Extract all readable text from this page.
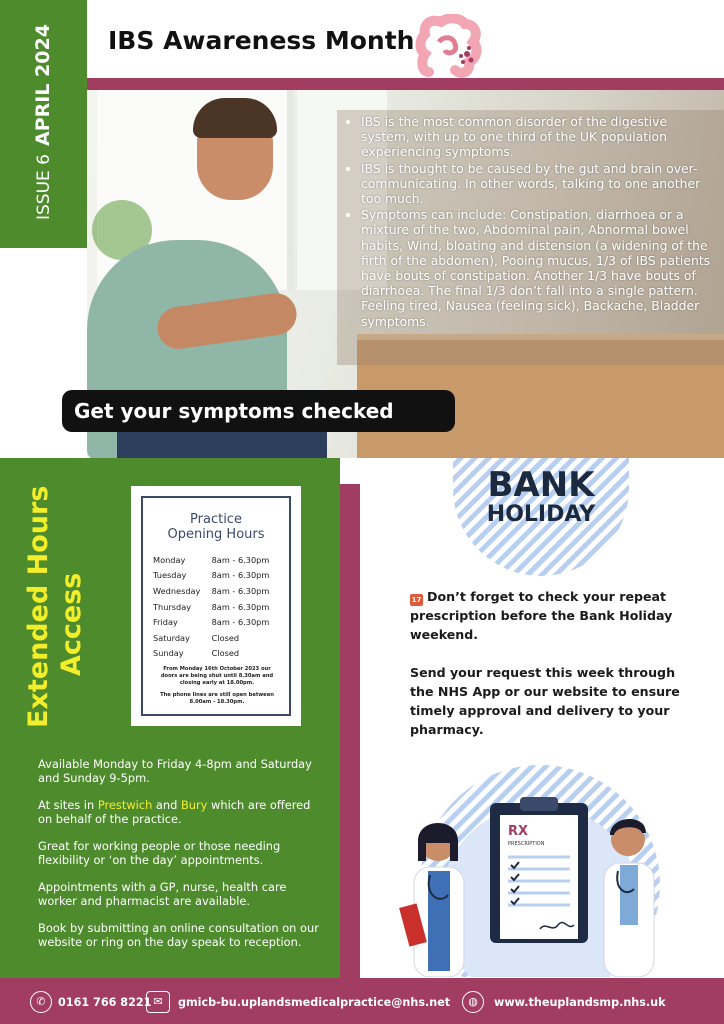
ISSUE 6APRIL 2024 IBS Awareness Month
• IBS is the most common disorder of the digestive system, with up to one third of the UK population experiencing symptoms.
• IBS is thought to be caused by the gut and brain over-communicating. In other words, talking to one another too much.
• Symptoms can include: Constipation, diarrhoea or a mixture of the two, Abdominal pain, Abnormal bowel habits, Wind, bloating and distension (a widening of the firth of the abdomen), Pooing mucus, 1/3 of IBS patients have bouts of constipation. Another 1/3 have bouts of diarrhoea. The final 1/3 don’t fall into a single pattern. Feeling tired, Nausea (feeling sick), Backache, Bladder symptoms.
Get your symptoms checked
Extended Hours Access
Practice
Opening Hours
Monday	8am - 6.30pm
Tuesday	8am - 6.30pm
Wednesday	8am - 6.30pm
Thursday	8am - 6.30pm
Friday	8am - 6.30pm
Saturday	Closed
Sunday	Closed
From Monday 16th October 2023 our doors are being shut until 8.30am and closing early at 18.00pm.
The phone lines are still open between 8.00am - 18.30pm.

Available Monday to Friday 4-8pm and Saturday and Sunday 9-5pm.

At sites in Prestwich and Bury which are offered on behalf of the practice.

Great for working people or those needing flexibility or ‘on the day’ appointments.

Appointments with a GP, nurse, health care worker and pharmacist are available.

Book by submitting an online consultation on our website or ring on the day speak to reception.

BANK
HOLIDAY
17 Don’t forget to check your repeat prescription before the Bank Holiday weekend.
Send your request this week through the NHS App or our website to ensure timely approval and delivery to your pharmacy.
RX
PRESCRIPTION
✆	0161 766 8221 ✉	gmicb-bu.uplandsmedicalpractice@nhs.net	◍	www.theuplandsmp.nhs.uk
